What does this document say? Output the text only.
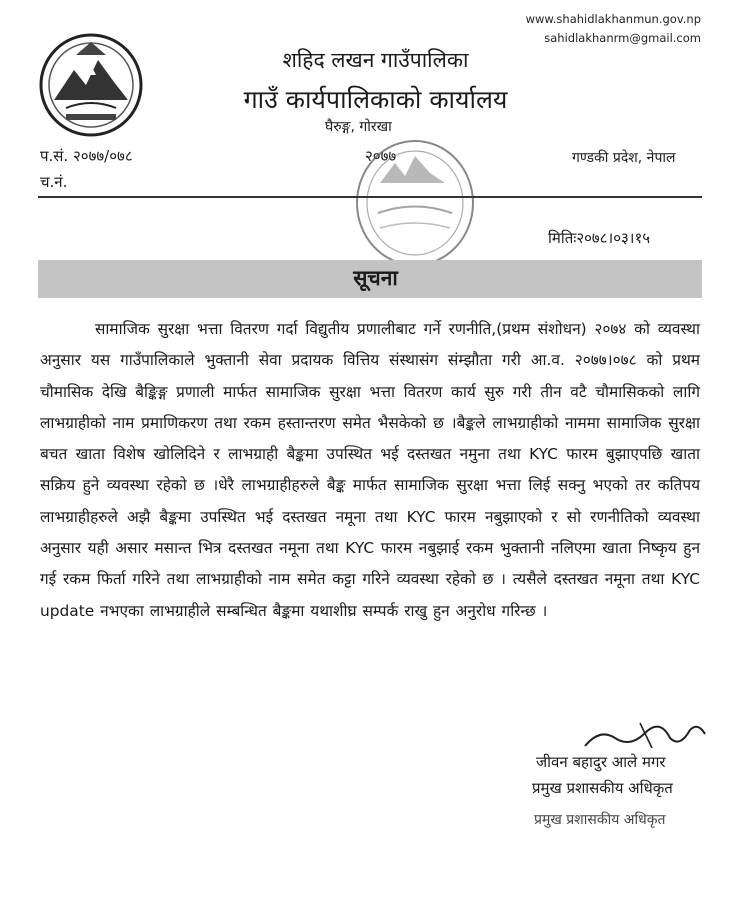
www.shahidlakhanmun.gov.np
sahidlakhanrm@gmail.com
शहिद लखन गाउँपालिका
गाउँ कार्यपालिकाको कार्यालय
घैरुङ्ग, गोरखा
प.सं. २०७७/०७८
च.नं.
२०७७	गण्डकी प्रदेश, नेपाल
मितिः२०७८।०३।१५
सूचना
सामाजिक सुरक्षा भत्ता वितरण गर्दा विद्युतीय प्रणालीबाट गर्ने रणनीति,(प्रथम संशोधन) २०७४ को व्यवस्था अनुसार यस गाउँपालिकाले भुक्तानी सेवा प्रदायक वित्तिय संस्थासंग संम्झौता गरी आ.व. २०७७।०७८ को प्रथम चौमासिक देखि बैङ्किङ्ग प्रणाली मार्फत सामाजिक सुरक्षा भत्ता वितरण कार्य सुरु गरी तीन वटै चौमासिकको लागि लाभग्राहीको नाम प्रमाणिकरण तथा रकम हस्तान्तरण समेत भैसकेको छ ।बैङ्कले लाभग्राहीको नाममा सामाजिक सुरक्षा बचत खाता विशेष खोलिदिने र लाभग्राही बैङ्कमा उपस्थित भई दस्तखत नमुना तथा KYC फारम बुझाएपछि खाता सक्रिय हुने व्यवस्था रहेको छ ।धेरै लाभग्राहीहरुले बैङ्क मार्फत सामाजिक सुरक्षा भत्ता लिई सक्नु भएको तर कतिपय लाभग्राहीहरुले अझै बैङ्कमा उपस्थित भई दस्तखत नमूना तथा KYC फारम नबुझाएको र सो रणनीतिको व्यवस्था अनुसार यही असार मसान्त भित्र दस्तखत नमूना तथा KYC फारम नबुझाई रकम भुक्तानी नलिएमा खाता निष्कृय हुन गई रकम फिर्ता गरिने तथा लाभग्राहीको नाम समेत कट्टा गरिने व्यवस्था रहेको छ । त्यसैले दस्तखत नमूना तथा KYC update नभएका लाभग्राहीले सम्बन्धित बैङ्कमा यथाशीघ्र सम्पर्क राखु हुन अनुरोध गरिन्छ ।
जीवन बहादुर आले मगर
प्रमुख प्रशासकीय अधिकृत
प्रमुख प्रशासकीय अधिकृत
